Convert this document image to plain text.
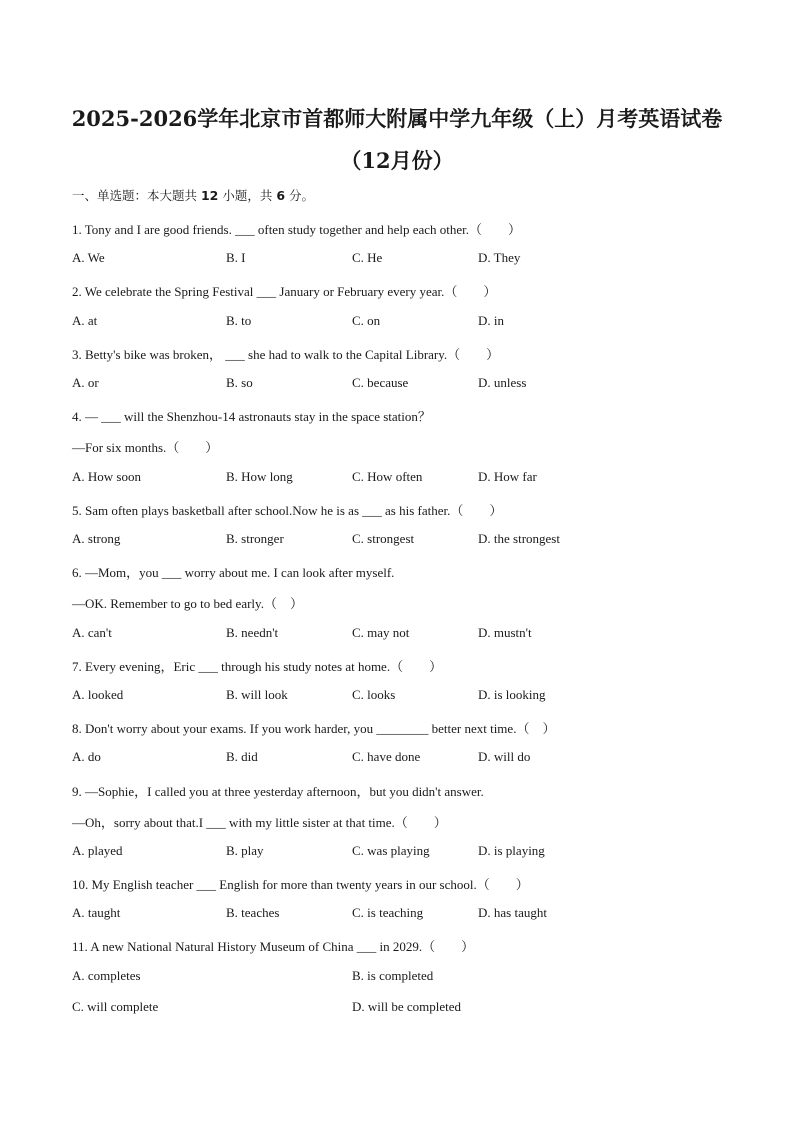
2025-2026学年北京市首都师大附属中学九年级（上）月考英语试卷
（12月份）
一、单选题：本大题共 12 小题，共 6 分。
1. Tony and I are good friends. ___ often study together and help each other.（　　）
A. We	B. I	C. He	D. They
2. We celebrate the Spring Festival ___ January or February every year.（　　）
A. at	B. to	C. on	D. in
3. Betty's bike was broken， ___ she had to walk to the Capital Library.（　　）
A. or	B. so	C. because	D. unless
4. — ___ will the Shenzhou-14 astronauts stay in the space station？
—For six months.（　　）
A. How soon	B. How long	C. How often	D. How far
5. Sam often plays basketball after school.Now he is as ___ as his father.（　　）
A. strong	B. stronger	C. strongest	D. the strongest
6. —Mom，you ___ worry about me. I can look after myself.
—OK. Remember to go to bed early.（　）
A. can't	B. needn't	C. may not	D. mustn't
7. Every evening，Eric ___ through his study notes at home.（　　）
A. looked	B. will look	C. looks	D. is looking
8. Don't worry about your exams. If you work harder, you ________ better next time.（　）
A. do	B. did	C. have done	D. will do
9. —Sophie，I called you at three yesterday afternoon，but you didn't answer.
—Oh，sorry about that.I ___ with my little sister at that time.（　　）
A. played	B. play	C. was playing	D. is playing
10. My English teacher ___ English for more than twenty years in our school.（　　）
A. taught	B. teaches	C. is teaching	D. has taught
11. A new National Natural History Museum of China ___ in 2029.（　　）
A. completes	B. is completed
C. will complete	D. will be completed
